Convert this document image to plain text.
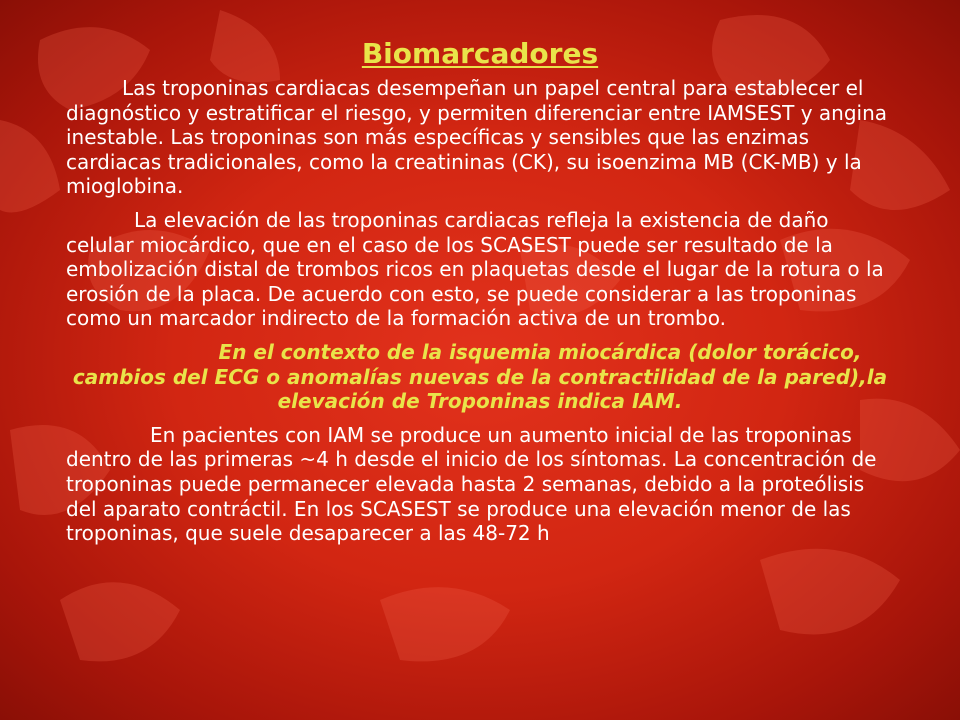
Biomarcadores

Las troponinas cardiacas desempeñan un papel central para establecer el diagnóstico y estratificar el riesgo, y permiten diferenciar entre IAMSEST y angina inestable. Las troponinas son más específicas y sensibles que las enzimas cardiacas tradicionales, como la creatininas (CK), su isoenzima MB (CK-MB) y la mioglobina.

La elevación de las troponinas cardiacas refleja la existencia de daño celular miocárdico, que en el caso de los SCASEST puede ser resultado de la embolización distal de trombos ricos en plaquetas desde el lugar de la rotura o la erosión de la placa. De acuerdo con esto, se puede considerar a las troponinas como un marcador indirecto de la formación activa de un trombo.

En el contexto de la isquemia miocárdica (dolor torácico, cambios del ECG o anomalías nuevas de la contractilidad de la pared),la elevación de Troponinas indica IAM.

En pacientes con IAM se produce un aumento inicial de las troponinas dentro de las primeras ~4 h desde el inicio de los síntomas. La concentración de troponinas puede permanecer elevada hasta 2 semanas, debido a la proteólisis del aparato contráctil. En los SCASEST se produce una elevación menor de las troponinas, que suele desaparecer a las 48-72 h
